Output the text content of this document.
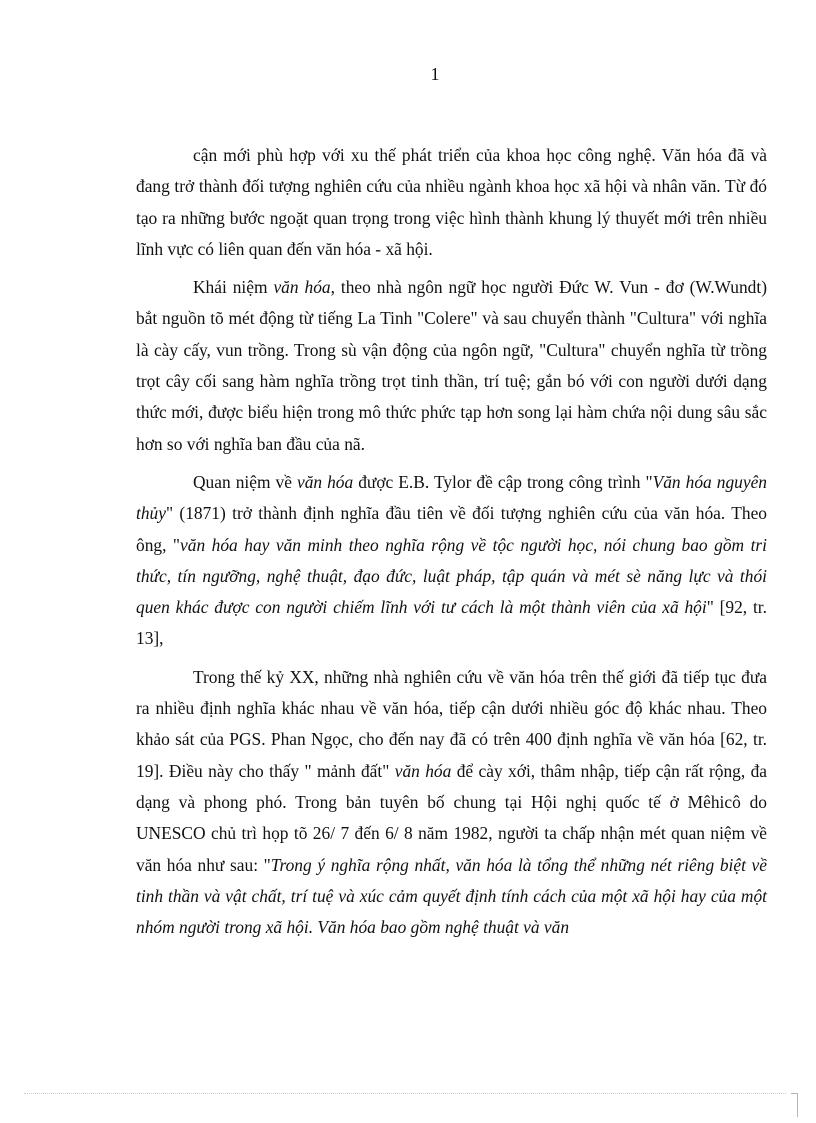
1

cận mới phù hợp với xu thế phát triển của khoa học công nghệ. Văn hóa đã và đang trở thành đối tượng nghiên cứu của nhiều ngành khoa học xã hội và nhân văn. Từ đó tạo ra những bước ngoặt quan trọng trong việc hình thành khung lý thuyết mới trên nhiều lĩnh vực có liên quan đến văn hóa - xã hội.

Khái niệm văn hóa, theo nhà ngôn ngữ học người Đức W. Vun - đơ (W.Wundt) bắt nguồn tõ mét động từ tiếng La Tinh "Colere" và sau chuyển thành "Cultura" với nghĩa là cày cấy, vun trồng. Trong sù vận động của ngôn ngữ, "Cultura" chuyển nghĩa từ trồng trọt cây cối sang hàm nghĩa trồng trọt tinh thần, trí tuệ; gắn bó với con người dưới dạng thức mới, được biểu hiện trong mô thức phức tạp hơn song lại hàm chứa nội dung sâu sắc hơn so với nghĩa ban đầu của nã.

Quan niệm về văn hóa được E.B. Tylor đề cập trong công trình "Văn hóa nguyên thủy" (1871) trở thành định nghĩa đầu tiên về đối tượng nghiên cứu của văn hóa. Theo ông, "văn hóa hay văn minh theo nghĩa rộng về tộc người học, nói chung bao gồm tri thức, tín ngưỡng, nghệ thuật, đạo đức, luật pháp, tập quán và mét sè năng lực và thói quen khác được con người chiếm lĩnh với tư cách là một thành viên của xã hội" [92, tr. 13],

Trong thế kỷ XX, những nhà nghiên cứu về văn hóa trên thế giới đã tiếp tục đưa ra nhiều định nghĩa khác nhau về văn hóa, tiếp cận dưới nhiều góc độ khác nhau. Theo khảo sát của PGS. Phan Ngọc, cho đến nay đã có trên 400 định nghĩa về văn hóa [62, tr. 19]. Điều này cho thấy " mảnh đất" văn hóa để cày xới, thâm nhập, tiếp cận rất rộng, đa dạng và phong phó. Trong bản tuyên bố chung tại Hội nghị quốc tế ở Mêhicô do UNESCO chủ trì họp tõ 26/ 7 đến 6/ 8 năm 1982, người ta chấp nhận mét quan niệm về văn hóa như sau: "Trong ý nghĩa rộng nhất, văn hóa là tổng thể những nét riêng biệt về tinh thần và vật chất, trí tuệ và xúc cảm quyết định tính cách của một xã hội hay của một nhóm người trong xã hội. Văn hóa bao gồm nghệ thuật và văn
